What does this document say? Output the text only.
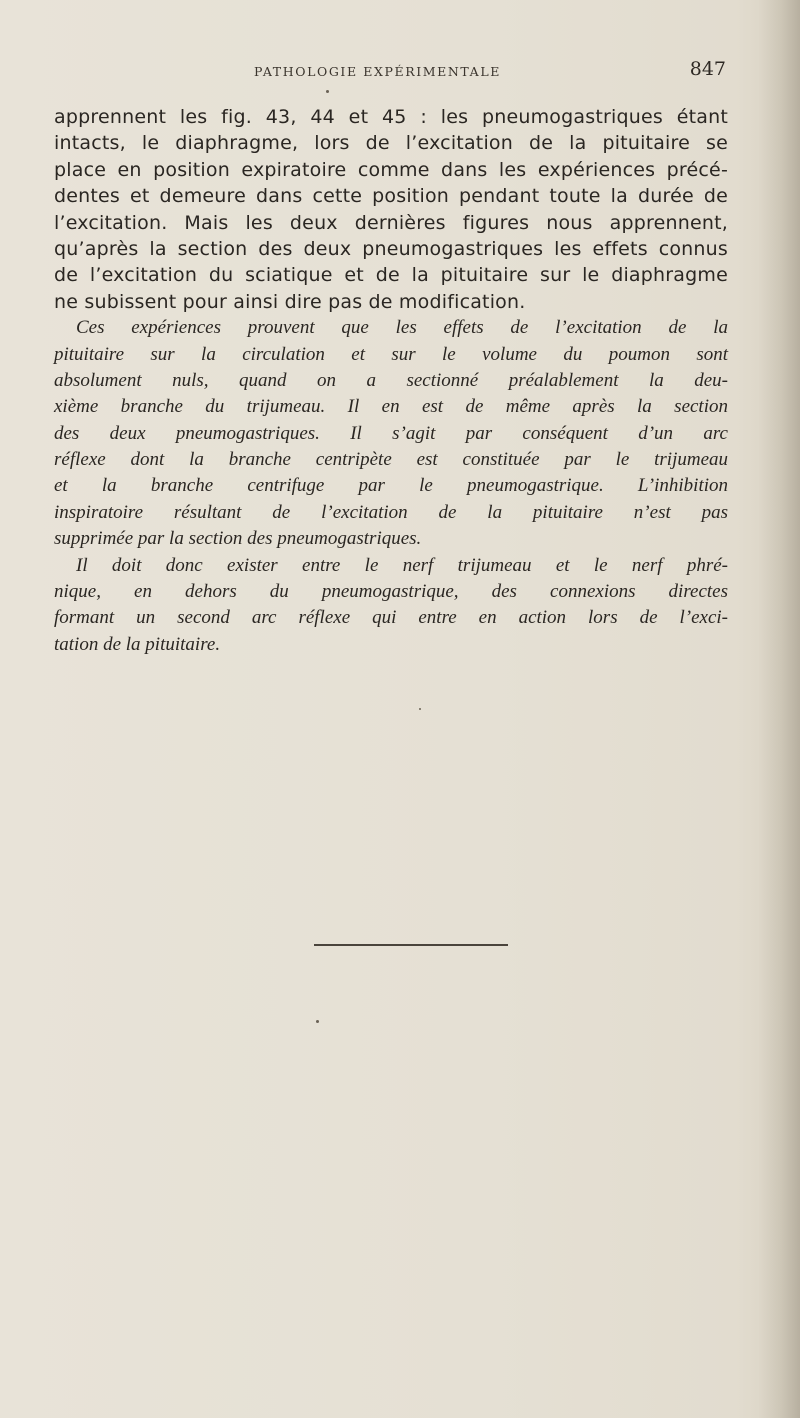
PATHOLOGIE EXPÉRIMENTALE	847
apprennent les fig. 43, 44 et 45 : les pneumogastriques étant
intacts, le diaphragme, lors de l’excitation de la pituitaire se
place en position expiratoire comme dans les expériences précé-
dentes et demeure dans cette position pendant toute la durée de
l’excitation. Mais les deux dernières figures nous apprennent,
qu’après la section des deux pneumogastriques les effets connus
de l’excitation du sciatique et de la pituitaire sur le diaphragme
ne subissent pour ainsi dire pas de modification.
Ces expériences prouvent que les effets de l’excitation de la
pituitaire sur la circulation et sur le volume du poumon sont
absolument nuls, quand on a sectionné préalablement la deu-
xième branche du trijumeau. Il en est de même après la section
des deux pneumogastriques. Il s’agit par conséquent d’un arc
réflexe dont la branche centripète est constituée par le trijumeau
et la branche centrifuge par le pneumogastrique. L’inhibition
inspiratoire résultant de l’excitation de la pituitaire n’est pas
supprimée par la section des pneumogastriques.
Il doit donc exister entre le nerf trijumeau et le nerf phré-
nique, en dehors du pneumogastrique, des connexions directes
formant un second arc réflexe qui entre en action lors de l’exci-
tation de la pituitaire.
